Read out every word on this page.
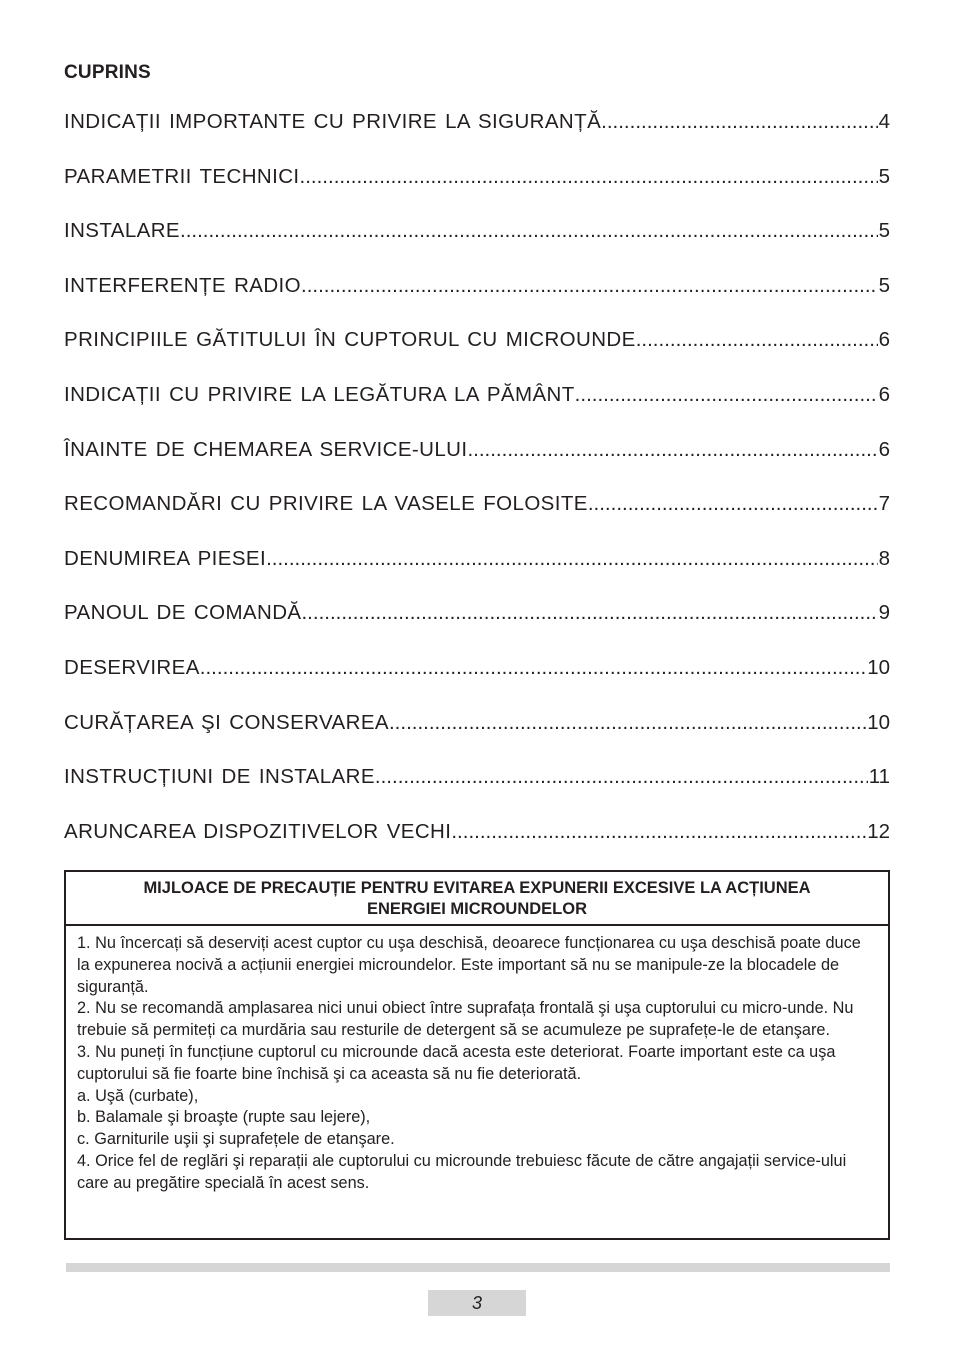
CUPRINS
INDICAȚII IMPORTANTE CU PRIVIRE LA SIGURANȚĂ .....	4
PARAMETRII TECHNICI .....	5
INSTALARE .....	5
INTERFERENȚE RADIO .....	5
PRINCIPIILE GĂTITULUI ÎN CUPTORUL CU MICROUNDE .....	6
INDICAȚII CU PRIVIRE LA LEGĂTURA LA PĂMÂNT .....	6
ÎNAINTE DE CHEMAREA SERVICE-ULUI .....	6
RECOMANDĂRI CU PRIVIRE LA VASELE FOLOSITE .....	7
DENUMIREA PIESEI .....	8
PANOUL DE COMANDĂ .....	9
DESERVIREA .....	10
CURĂȚAREA ŞI CONSERVAREA .....	10
INSTRUCȚIUNI DE INSTALARE .....	11
ARUNCAREA DISPOZITIVELOR VECHI .....	12
MIJLOACE DE PRECAUȚIE PENTRU EVITAREA EXPUNERII EXCESIVE LA ACȚIUNEA
ENERGIEI MICROUNDELOR

1. Nu încercați să deserviți acest cuptor cu uşa deschisă, deoarece funcționarea cu uşa deschisă poate duce la expunerea nocivă a acțiunii energiei microundelor. Este important să nu se manipule-ze la blocadele de siguranță.

2. Nu se recomandă amplasarea nici unui obiect între suprafața frontală şi uşa cuptorului cu micro-unde. Nu trebuie să permiteți ca murdăria sau resturile de detergent să se acumuleze pe suprafețe-le de etanşare.

3. Nu puneți în funcțiune cuptorul cu microunde dacă acesta este deteriorat. Foarte important este ca uşa cuptorului să fie foarte bine închisă şi ca aceasta să nu fie deteriorată.

a. Uşă (curbate),

b. Balamale şi broaşte (rupte sau lejere),

c. Garniturile uşii şi suprafețele de etanşare.

4. Orice fel de reglări şi reparații ale cuptorului cu microunde trebuiesc făcute de către angajații service-ului care au pregătire specială în acest sens.

3
